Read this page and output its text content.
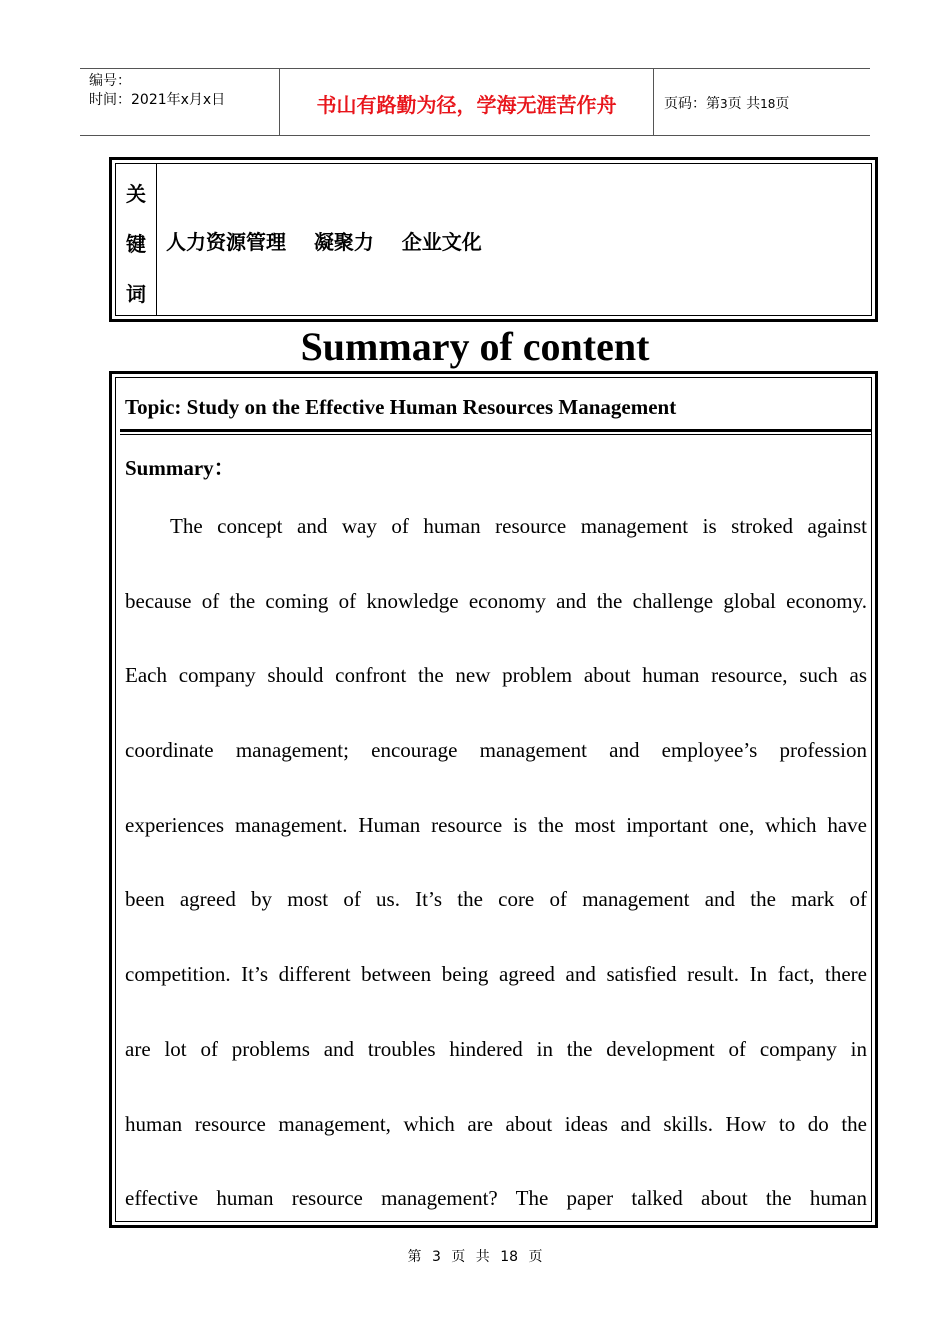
编号：
时间：2021年x月x日	书山有路勤为径，学海无涯苦作舟	页码：第3页 共18页
关
键
词
人力资源管理    凝聚力    企业文化
Summary of content
Topic: Study on the Effective Human Resources Management
Summary：
The concept and way of human resource management is stroked against
because of the coming of knowledge economy and the challenge global economy.
Each company should confront the new problem about human resource, such as
coordinate management; encourage management and employee’s profession
experiences management. Human resource is the most important one, which have
been agreed by most of us. It’s the core of management and the mark of
competition. It’s different between being agreed and satisfied result. In fact, there
are lot of problems and troubles hindered in the development of company in
human resource management, which are about ideas and skills. How to do the
effective human resource management? The paper talked about the human
第 3 页 共 18 页
